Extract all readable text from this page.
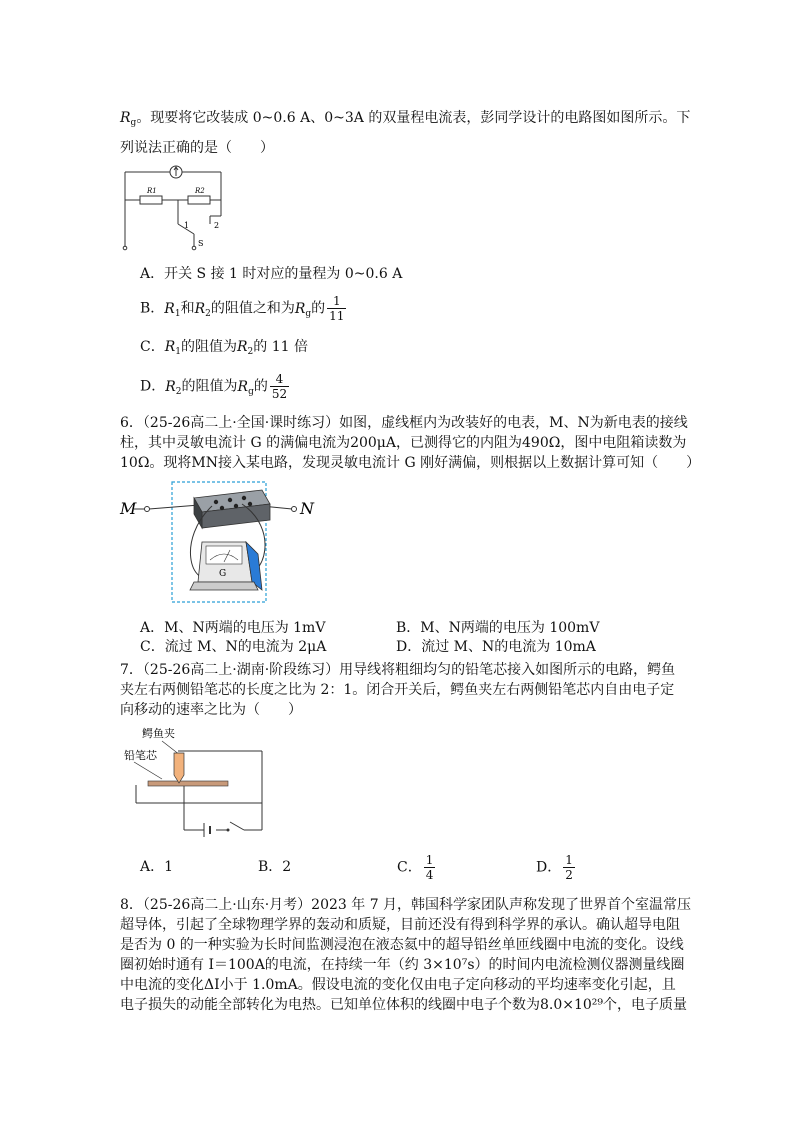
$R_g$。现要将它改装成 0~0.6 A、0~3A 的双量程电流表，彭同学设计的电路图如图所示。下
列说法正确的是（　　）
R1	R2
1	2
S
A．开关 S 接 1 时对应的量程为 0~0.6 A
B．$R_1$和$R_2$的阻值之和为$R_g$的 $\frac{1}{11}$
C．$R_1$的阻值为$R_2$的 11 倍
D．$R_2$的阻值为$R_g$的 $\frac{4}{52}$
6．（25-26高二上·全国·课时练习）如图，虚线框内为改装好的电表，M、N为新电表的接线
柱，其中灵敏电流计 G 的满偏电流为200μA，已测得它的内阻为490Ω，图中电阻箱读数为
10Ω。现将MN接入某电路，发现灵敏电流计 G 刚好满偏，则根据以上数据计算可知（　　）
M	N
G
A．M、N两端的电压为 1mV	B．M、N两端的电压为 100mV
C．流过 M、N的电流为 2μA	D．流过 M、N的电流为 10mA
7．（25-26高二上·湖南·阶段练习）用导线将粗细均匀的铅笔芯接入如图所示的电路，鳄鱼
夹左右两侧铅笔芯的长度之比为 2：1。闭合开关后，鳄鱼夹左右两侧铅笔芯内自由电子定
向移动的速率之比为（　　）
鳄鱼夹
铅笔芯
A．1	B．2	C． $\frac{1}{4}$	D． $\frac{1}{2}$
8．（25-26高二上·山东·月考）2023 年 7 月，韩国科学家团队声称发现了世界首个室温常压
超导体，引起了全球物理学界的轰动和质疑，目前还没有得到科学界的承认。确认超导电阻
是否为 0 的一种实验为长时间监测浸泡在液态氦中的超导铅丝单匝线圈中电流的变化。设线
圈初始时通有 I＝100A的电流，在持续一年（约 3×10⁷s）的时间内电流检测仪器测量线圈
中电流的变化ΔI小于 1.0mA。假设电流的变化仅由电子定向移动的平均速率变化引起，且
电子损失的动能全部转化为电热。已知单位体积的线圈中电子个数为8.0×10²⁹个，电子质量
